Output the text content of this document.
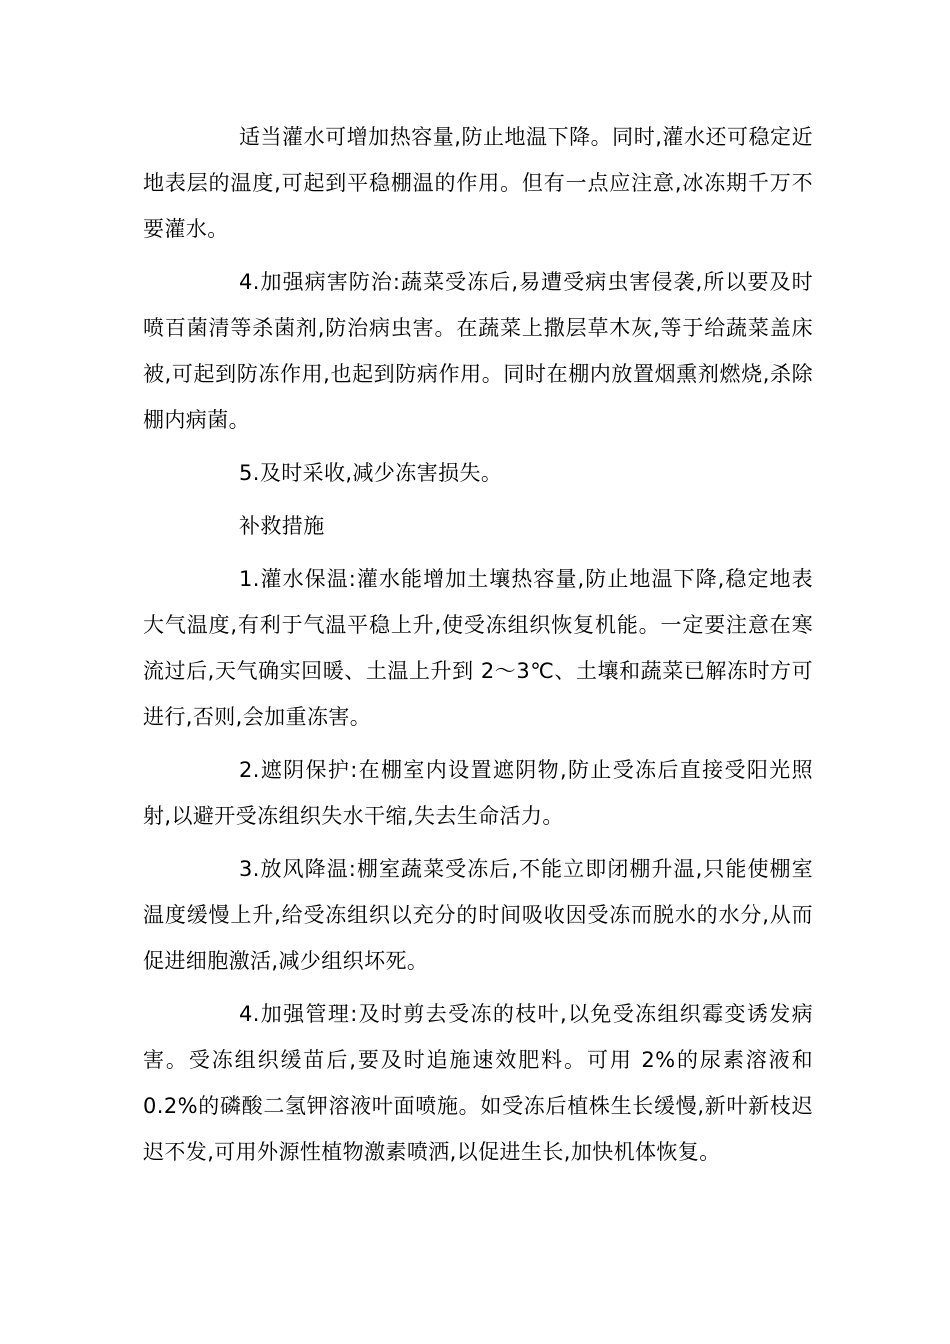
适当灌水可增加热容量,防止地温下降。同时,灌水还可稳定近地表层的温度,可起到平稳棚温的作用。但有一点应注意,冰冻期千万不要灌水。

4.加强病害防治:蔬菜受冻后,易遭受病虫害侵袭,所以要及时喷百菌清等杀菌剂,防治病虫害。在蔬菜上撒层草木灰,等于给蔬菜盖床被,可起到防冻作用,也起到防病作用。同时在棚内放置烟熏剂燃烧,杀除棚内病菌。

5.及时采收,减少冻害损失。

补救措施

1.灌水保温:灌水能增加土壤热容量,防止地温下降,稳定地表大气温度,有利于气温平稳上升,使受冻组织恢复机能。一定要注意在寒流过后,天气确实回暖、土温上升到 2～3℃、土壤和蔬菜已解冻时方可进行,否则,会加重冻害。

2.遮阴保护:在棚室内设置遮阴物,防止受冻后直接受阳光照射,以避开受冻组织失水干缩,失去生命活力。

3.放风降温:棚室蔬菜受冻后,不能立即闭棚升温,只能使棚室温度缓慢上升,给受冻组织以充分的时间吸收因受冻而脱水的水分,从而促进细胞激活,减少组织坏死。

4.加强管理:及时剪去受冻的枝叶,以免受冻组织霉变诱发病害。受冻组织缓苗后,要及时追施速效肥料。可用 2%的尿素溶液和0.2%的磷酸二氢钾溶液叶面喷施。如受冻后植株生长缓慢,新叶新枝迟迟不发,可用外源性植物激素喷洒,以促进生长,加快机体恢复。
